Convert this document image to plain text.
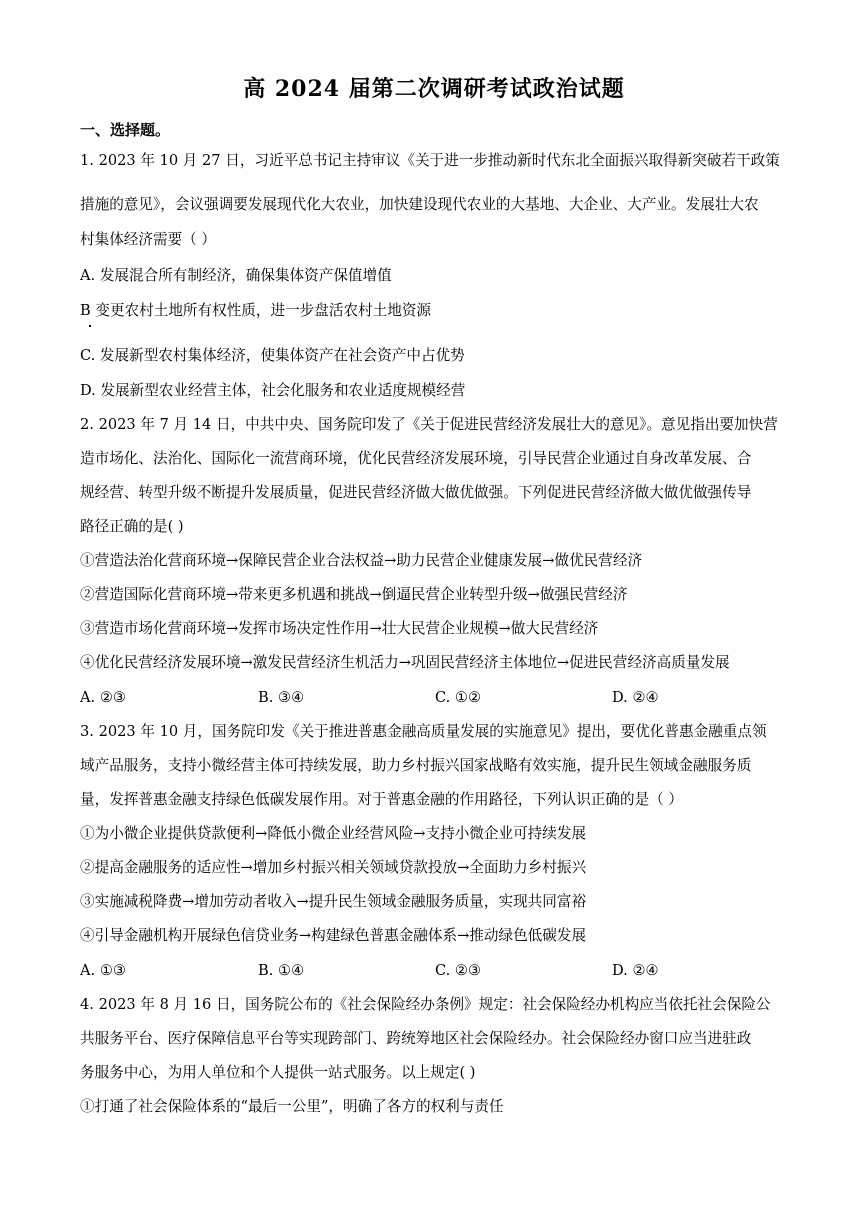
高 2024 届第二次调研考试政治试题
一、选择题。
1. 2023 年 10 月 27 日，习近平总书记主持审议《关于进一步推动新时代东北全面振兴取得新突破若干政策
措施的意见》，会议强调要发展现代化大农业，加快建设现代农业的大基地、大企业、大产业。发展壮大农
村集体经济需要（ ）
A. 发展混合所有制经济，确保集体资产保值增值
B 变更农村土地所有权性质，进一步盘活农村土地资源
C. 发展新型农村集体经济，使集体资产在社会资产中占优势
D. 发展新型农业经营主体，社会化服务和农业适度规模经营
2. 2023 年 7 月 14 日，中共中央、国务院印发了《关于促进民营经济发展壮大的意见》。意见指出要加快营
造市场化、法治化、国际化一流营商环境，优化民营经济发展环境，引导民营企业通过自身改革发展、合
规经营、转型升级不断提升发展质量，促进民营经济做大做优做强。下列促进民营经济做大做优做强传导
路径正确的是( )
①营造法治化营商环境→保障民营企业合法权益→助力民营企业健康发展→做优民营经济
②营造国际化营商环境→带来更多机遇和挑战→倒逼民营企业转型升级→做强民营经济
③营造市场化营商环境→发挥市场决定性作用→壮大民营企业规模→做大民营经济
④优化民营经济发展环境→激发民营经济生机活力→巩固民营经济主体地位→促进民营经济高质量发展
A. ②③	B. ③④	C. ①②	D. ②④
3. 2023 年 10 月，国务院印发《关于推进普惠金融高质量发展的实施意见》提出，要优化普惠金融重点领
域产品服务，支持小微经营主体可持续发展，助力乡村振兴国家战略有效实施，提升民生领域金融服务质
量，发挥普惠金融支持绿色低碳发展作用。对于普惠金融的作用路径，下列认识正确的是（ ）
①为小微企业提供贷款便利→降低小微企业经营风险→支持小微企业可持续发展
②提高金融服务的适应性→增加乡村振兴相关领域贷款投放→全面助力乡村振兴
③实施减税降费→增加劳动者收入→提升民生领域金融服务质量，实现共同富裕
④引导金融机构开展绿色信贷业务→构建绿色普惠金融体系→推动绿色低碳发展
A. ①③	B. ①④	C. ②③	D. ②④
4. 2023 年 8 月 16 日，国务院公布的《社会保险经办条例》规定：社会保险经办机构应当依托社会保险公
共服务平台、医疗保障信息平台等实现跨部门、跨统筹地区社会保险经办。社会保险经办窗口应当进驻政
务服务中心，为用人单位和个人提供一站式服务。以上规定( )
①打通了社会保险体系的“最后一公里”，明确了各方的权利与责任
